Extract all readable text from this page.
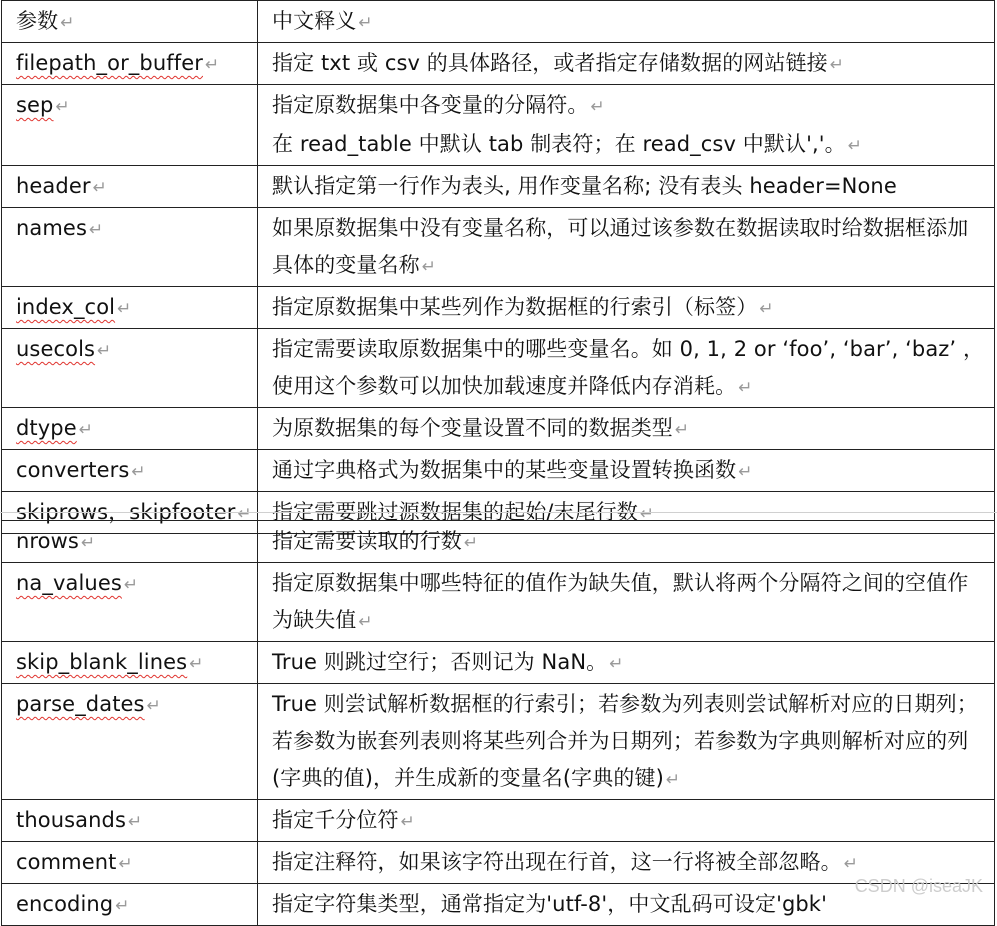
参数 ↵	中文释义 ↵
filepath_or_buffer ↵	指定 txt 或 csv 的具体路径，或者指定存储数据的网站链接 ↵
sep ↵	指定原数据集中各变量的分隔符。 ↵
在 read_table 中默认 tab 制表符；在 read_csv 中默认','。 ↵
header ↵	默认指定第一行作为表头, 用作变量名称; 没有表头 header=None
names ↵	如果原数据集中没有变量名称，可以通过该参数在数据读取时给数据框添加具体的变量名称 ↵
index_col ↵	指定原数据集中某些列作为数据框的行索引（标签） ↵
usecols ↵	指定需要读取原数据集中的哪些变量名。如 0, 1, 2 or ‘foo’, ‘bar’, ‘baz’ ，使用这个参数可以加快加载速度并降低内存消耗。 ↵
dtype ↵	为原数据集的每个变量设置不同的数据类型 ↵
converters ↵	通过字典格式为数据集中的某些变量设置转换函数 ↵
skiprows，skipfooter ↵	指定需要跳过源数据集的起始/末尾行数 ↵
nrows ↵	指定需要读取的行数 ↵
na_values ↵	指定原数据集中哪些特征的值作为缺失值，默认将两个分隔符之间的空值作为缺失值 ↵
skip_blank_lines ↵	True 则跳过空行；否则记为 NaN。 ↵
parse_dates ↵	True 则尝试解析数据框的行索引；若参数为列表则尝试解析对应的日期列；若参数为嵌套列表则将某些列合并为日期列；若参数为字典则解析对应的列(字典的值)，并生成新的变量名(字典的键) ↵
thousands ↵	指定千分位符 ↵
comment ↵	指定注释符，如果该字符出现在行首，这一行将被全部忽略。 ↵
encoding ↵	指定字符集类型，通常指定为'utf-8'，中文乱码可设定'gbk'
CSDN @iseaJK
